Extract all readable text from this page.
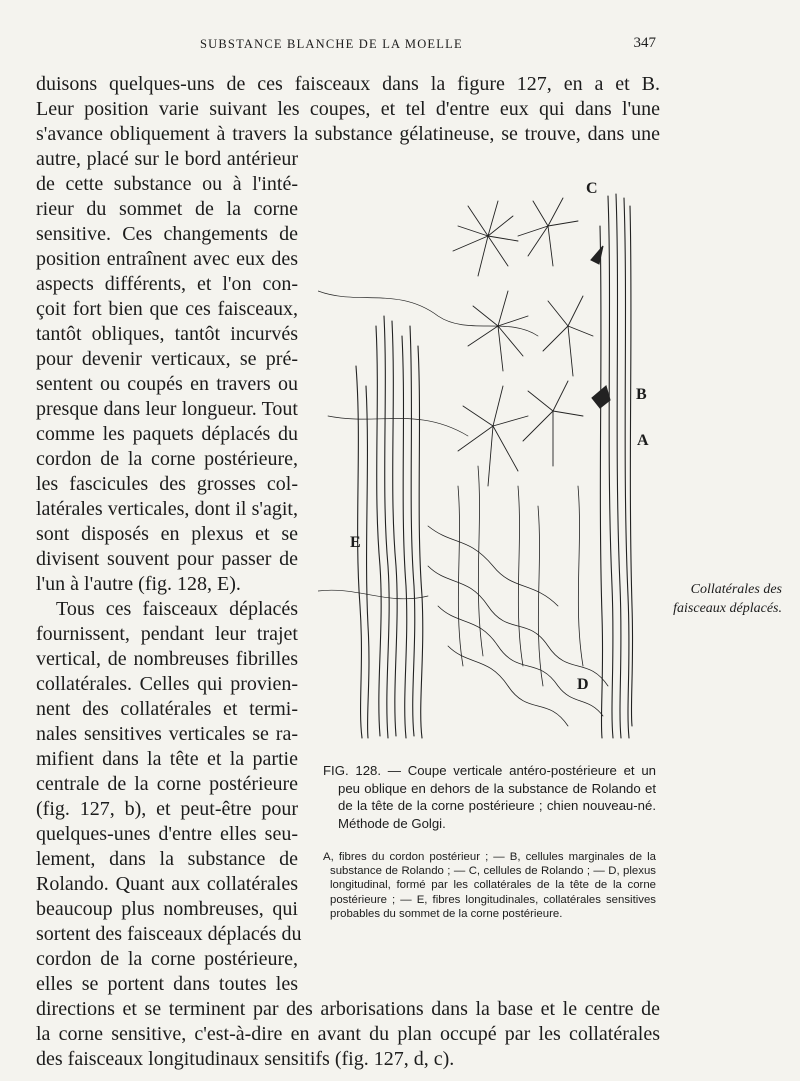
SUBSTANCE BLANCHE DE LA MOELLE	347
duisons quelques-uns de ces faisceaux dans la figure 127, en a et B.
Leur position varie suivant les coupes, et tel d'entre eux qui dans l'une
s'avance obliquement à travers la substance gélatineuse, se trouve, dans une
autre, placé sur le bord antérieur
de cette substance ou à l'inté-
rieur du sommet de la corne
sensitive. Ces changements de
position entraînent avec eux des
aspects différents, et l'on con-
çoit fort bien que ces faisceaux,
tantôt obliques, tantôt incurvés
pour devenir verticaux, se pré-
sentent ou coupés en travers ou
presque dans leur longueur. Tout
comme les paquets déplacés du
cordon de la corne postérieure,
les fascicules des grosses col-
latérales verticales, dont il s'agit,
sont disposés en plexus et se
divisent souvent pour passer de
l'un à l'autre (fig. 128, E).
Tous ces faisceaux déplacés
fournissent, pendant leur trajet
vertical, de nombreuses fibrilles
collatérales. Celles qui provien-
nent des collatérales et termi-
nales sensitives verticales se ra-
mifient dans la tête et la partie
centrale de la corne postérieure
(fig. 127, b), et peut-être pour
quelques-unes d'entre elles seu-
lement, dans la substance de
Rolando. Quant aux collatérales
beaucoup plus nombreuses, qui
sortent des faisceaux déplacés du
cordon de la corne postérieure,
elles se portent dans toutes les
directions et se terminent par des arborisations dans la base et le centre de
la corne sensitive, c'est-à-dire en avant du plan occupé par les collatérales
des faisceaux longitudinaux sensitifs (fig. 127, d, c).
C
B
A
E
D
FIG. 128. — Coupe verticale antéro-postérieure et un peu oblique en dehors de la substance de Rolando et de la tête de la corne postérieure ; chien nouveau-né. Méthode de Golgi.
A, fibres du cordon postérieur ; — B, cellules marginales de la substance de Rolando ; — C, cellules de Rolando ; — D, plexus longitudinal, formé par les collatérales de la tête de la corne postérieure ; — E, fibres longitudinales, collatérales sensitives probables du sommet de la corne postérieure.
Collatérales des faisceaux déplacés.
